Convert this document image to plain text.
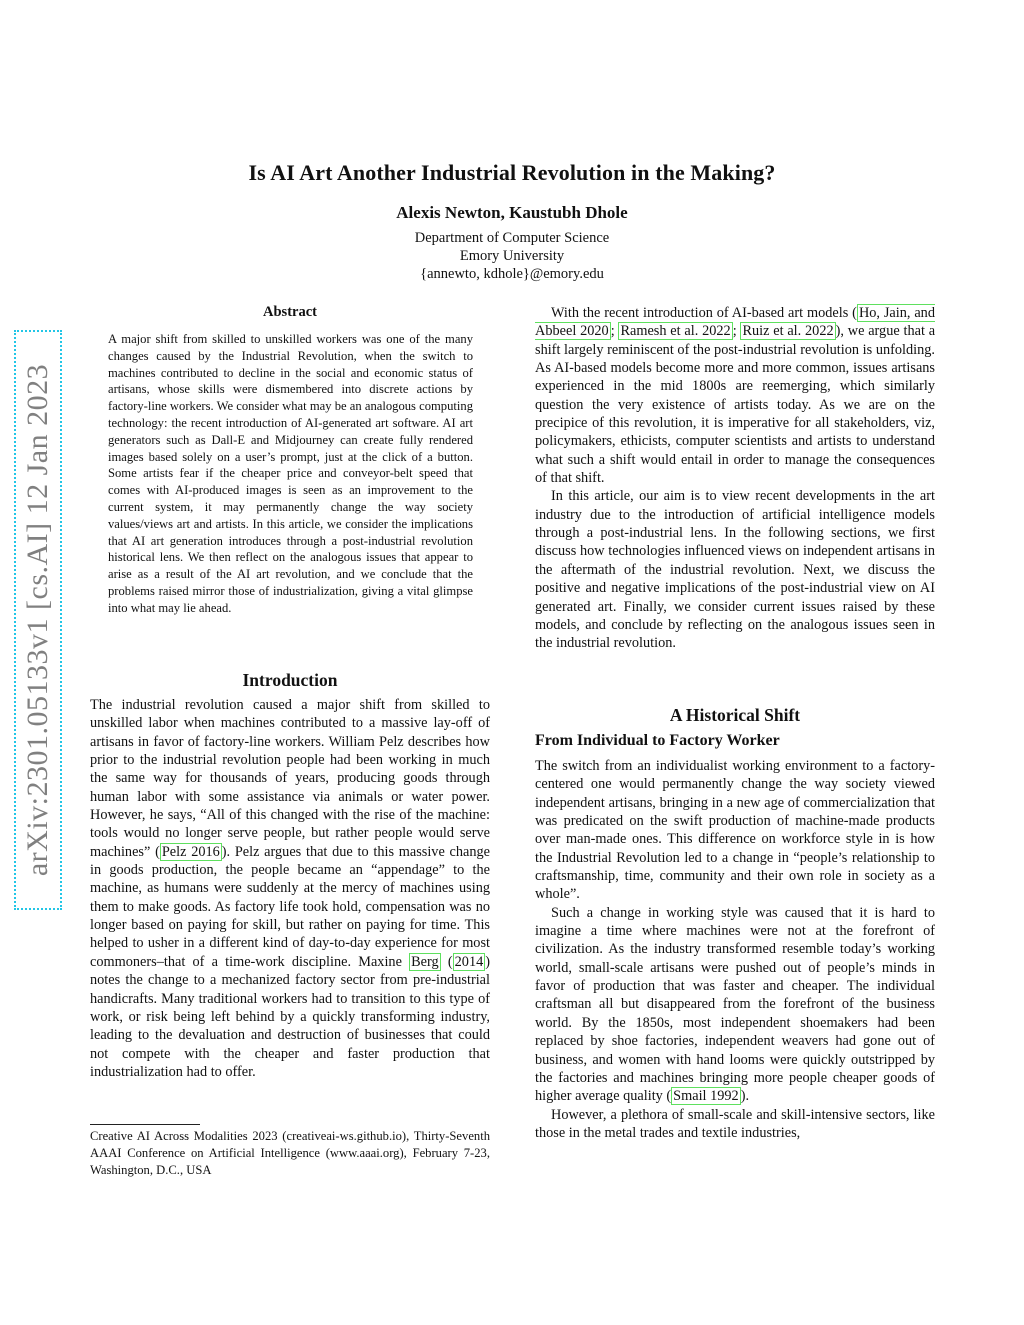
Is AI Art Another Industrial Revolution in the Making?
Alexis Newton, Kaustubh Dhole
Department of Computer Science
Emory University
{annewto, kdhole}@emory.edu
arXiv:2301.05133v1 [cs.AI] 12 Jan 2023
Abstract
A major shift from skilled to unskilled workers was one of the many changes caused by the Industrial Revolution, when the switch to machines contributed to decline in the social and economic status of artisans, whose skills were dismembered into discrete actions by factory-line workers. We consider what may be an analogous computing technology: the recent introduction of AI-generated art software. AI art generators such as Dall-E and Midjourney can create fully rendered images based solely on a user’s prompt, just at the click of a button. Some artists fear if the cheaper price and conveyor-belt speed that comes with AI-produced images is seen as an improvement to the current system, it may permanently change the way society values/views art and artists. In this article, we consider the implications that AI art generation introduces through a post-industrial revolution historical lens. We then reflect on the analogous issues that appear to arise as a result of the AI art revolution, and we conclude that the problems raised mirror those of industrialization, giving a vital glimpse into what may lie ahead.
Introduction

The industrial revolution caused a major shift from skilled to unskilled labor when machines contributed to a massive lay-off of artisans in favor of factory-line workers. William Pelz describes how prior to the industrial revolution people had been working in much the same way for thousands of years, producing goods through human labor with some assistance via animals or water power. However, he says, “All of this changed with the rise of the machine: tools would no longer serve people, but rather people would serve machines” ( Pelz 2016 ). Pelz argues that due to this massive change in goods production, the people became an “appendage” to the machine, as humans were suddenly at the mercy of machines using them to make goods. As factory life took hold, compensation was no longer based on paying for skill, but rather on paying for time. This helped to usher in a different kind of day-to-day experience for most commoners–that of a time-work discipline. Maxine Berg ( 2014 ) notes the change to a mechanized factory sector from pre-industrial handicrafts. Many traditional workers had to transition to this type of work, or risk being left behind by a quickly transforming industry, leading to the devaluation and destruction of businesses that could not compete with the cheaper and faster production that industrialization had to offer.

Creative AI Across Modalities 2023 (creativeai-ws.github.io), Thirty-Seventh AAAI Conference on Artificial Intelligence (www.aaai.org), February 7-23, Washington, D.C., USA

With the recent introduction of AI-based art models ( Ho, Jain, and Abbeel 2020 ; Ramesh et al. 2022 ; Ruiz et al. 2022 ), we argue that a shift largely reminiscent of the post-industrial revolution is unfolding. As AI-based models become more and more common, issues artisans experienced in the mid 1800s are reemerging, which similarly question the very existence of artists today. As we are on the precipice of this revolution, it is imperative for all stakeholders, viz, policymakers, ethicists, computer scientists and artists to understand what such a shift would entail in order to manage the consequences of that shift.

In this article, our aim is to view recent developments in the art industry due to the introduction of artificial intelligence models through a post-industrial lens. In the following sections, we first discuss how technologies influenced views on independent artisans in the aftermath of the industrial revolution. Next, we discuss the positive and negative implications of the post-industrial view on AI generated art. Finally, we consider current issues raised by these models, and conclude by reflecting on the analogous issues seen in the industrial revolution.

A Historical Shift
From Individual to Factory Worker

The switch from an individualist working environment to a factory-centered one would permanently change the way society viewed independent artisans, bringing in a new age of commercialization that was predicated on the swift production of machine-made products over man-made ones. This difference on workforce style in is how the Industrial Revolution led to a change in “people’s relationship to craftsmanship, time, community and their own role in society as a whole”.

Such a change in working style was caused that it is hard to imagine a time where machines were not at the forefront of civilization. As the industry transformed resemble today’s working world, small-scale artisans were pushed out of people’s minds in favor of production that was faster and cheaper. The individual craftsman all but disappeared from the forefront of the business world. By the 1850s, most independent shoemakers had been replaced by shoe factories, independent weavers had gone out of business, and women with hand looms were quickly outstripped by the factories and machines bringing more people cheaper goods of higher average quality ( Smail 1992 ).

However, a plethora of small-scale and skill-intensive sectors, like those in the metal trades and textile industries,
